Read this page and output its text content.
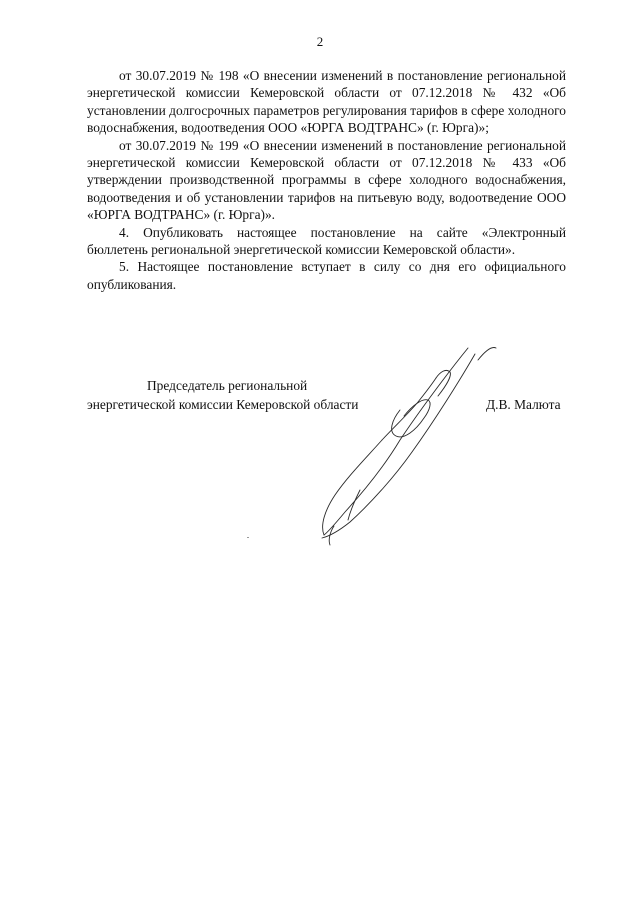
2

от 30.07.2019 № 198 «О внесении изменений в постановление региональной энергетической комиссии Кемеровской области от 07.12.2018 № 432 «Об установлении долгосрочных параметров регулирования тарифов в сфере холодного водоснабжения, водоотведения ООО «ЮРГА ВОДТРАНС» (г. Юрга)»;

от 30.07.2019 № 199 «О внесении изменений в постановление региональной энергетической комиссии Кемеровской области от 07.12.2018 № 433 «Об утверждении производственной программы в сфере холодного водоснабжения, водоотведения и об установлении тарифов на питьевую воду, водоотведение ООО «ЮРГА ВОДТРАНС» (г. Юрга)».

4. Опубликовать настоящее постановление на сайте «Электронный бюллетень региональной энергетической комиссии Кемеровской области».

5. Настоящее постановление вступает в силу со дня его официального опубликования.

Председатель региональной
энергетической комиссии Кемеровской области	Д.В. Малюта
